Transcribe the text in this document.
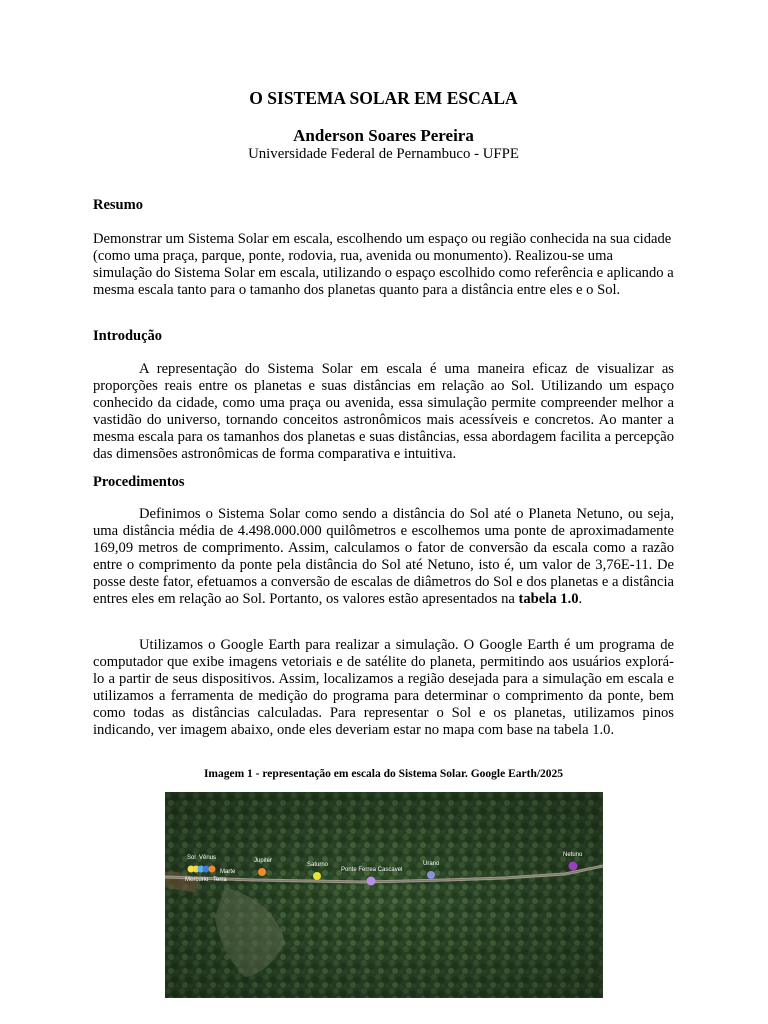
O SISTEMA SOLAR EM ESCALA
Anderson Soares Pereira
Universidade Federal de Pernambuco - UFPE
Resumo

Demonstrar um Sistema Solar em escala, escolhendo um espaço ou região conhecida na sua cidade (como uma praça, parque, ponte, rodovia, rua, avenida ou monumento). Realizou-se uma simulação do Sistema Solar em escala, utilizando o espaço escolhido como referência e aplicando a mesma escala tanto para o tamanho dos planetas quanto para a distância entre eles e o Sol.

Introdução

A representação do Sistema Solar em escala é uma maneira eficaz de visualizar as proporções reais entre os planetas e suas distâncias em relação ao Sol. Utilizando um espaço conhecido da cidade, como uma praça ou avenida, essa simulação permite compreender melhor a vastidão do universo, tornando conceitos astronômicos mais acessíveis e concretos. Ao manter a mesma escala para os tamanhos dos planetas e suas distâncias, essa abordagem facilita a percepção das dimensões astronômicas de forma comparativa e intuitiva.

Procedimentos

Definimos o Sistema Solar como sendo a distância do Sol até o Planeta Netuno, ou seja, uma distância média de 4.498.000.000 quilômetros e escolhemos uma ponte de aproximadamente 169,09 metros de comprimento. Assim, calculamos o fator de conversão da escala como a razão entre o comprimento da ponte pela distância do Sol até Netuno, isto é, um valor de 3,76E-11. De posse deste fator, efetuamos a conversão de escalas de diâmetros do Sol e dos planetas e a distância entres eles em relação ao Sol. Portanto, os valores estão apresentados na tabela 1.0.

Utilizamos o Google Earth para realizar a simulação. O Google Earth é um programa de computador que exibe imagens vetoriais e de satélite do planeta, permitindo aos usuários explorá-lo a partir de seus dispositivos. Assim, localizamos a região desejada para a simulação em escala e utilizamos a ferramenta de medição do programa para determinar o comprimento da ponte, bem como todas as distâncias calculadas. Para representar o Sol e os planetas, utilizamos pinos indicando, ver imagem abaixo, onde eles deveriam estar no mapa com base na tabela 1.0.

Imagem 1 - representação em escala do Sistema Solar. Google Earth/2025
Sol
Mercúrio
Vênus
Terra
Marte
Jupiter
Saturno
Ponte Ferrea Cascavel
Urano
Netuno
